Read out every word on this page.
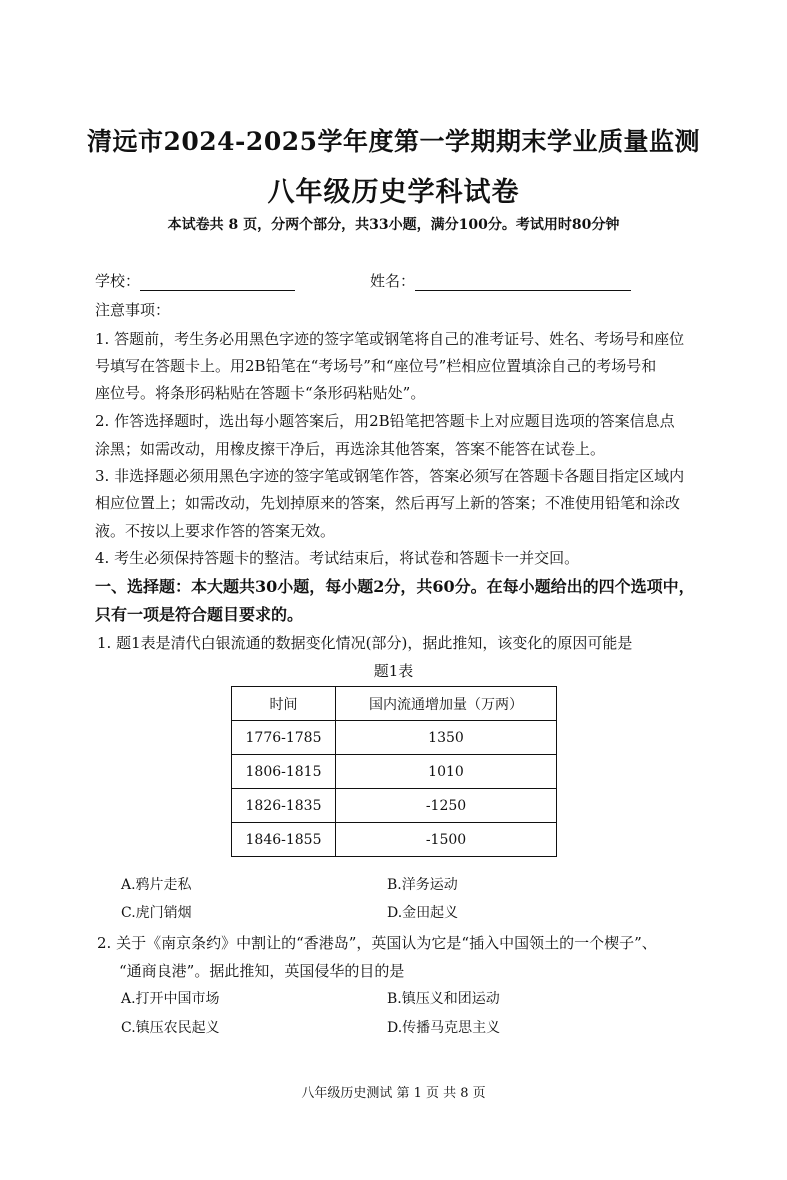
清远市2024-2025学年度第一学期期末学业质量监测
八年级历史学科试卷
本试卷共 8 页，分两个部分，共33小题，满分100分。考试用时80分钟
学校：	姓名：
注意事项：
1. 答题前，考生务必用黑色字迹的签字笔或钢笔将自己的准考证号、姓名、考场号和座位
号填写在答题卡上。用2B铅笔在“考场号”和“座位号”栏相应位置填涂自己的考场号和
座位号。将条形码粘贴在答题卡“条形码粘贴处”。
2. 作答选择题时，选出每小题答案后，用2B铅笔把答题卡上对应题目选项的答案信息点
涂黑；如需改动，用橡皮擦干净后，再选涂其他答案，答案不能答在试卷上。
3. 非选择题必须用黑色字迹的签字笔或钢笔作答，答案必须写在答题卡各题目指定区域内
相应位置上；如需改动，先划掉原来的答案，然后再写上新的答案；不准使用铅笔和涂改
液。不按以上要求作答的答案无效。
4. 考生必须保持答题卡的整洁。考试结束后，将试卷和答题卡一并交回。
一、选择题：本大题共30小题，每小题2分，共60分。在每小题给出的四个选项中，
只有一项是符合题目要求的。
1. 题1表是清代白银流通的数据变化情况(部分)，据此推知，该变化的原因可能是
题1表
时间	国内流通增加量（万两）
1776-1785	1350
1806-1815	1010
1826-1835	-1250
1846-1855	-1500
A.鸦片走私	B.洋务运动
C.虎门销烟	D.金田起义
2. 关于《南京条约》中割让的“香港岛”，英国认为它是“插入中国领土的一个楔子”、
“通商良港”。据此推知，英国侵华的目的是
A.打开中国市场	B.镇压义和团运动
C.镇压农民起义	D.传播马克思主义
八年级历史测试 第 1 页 共 8 页
